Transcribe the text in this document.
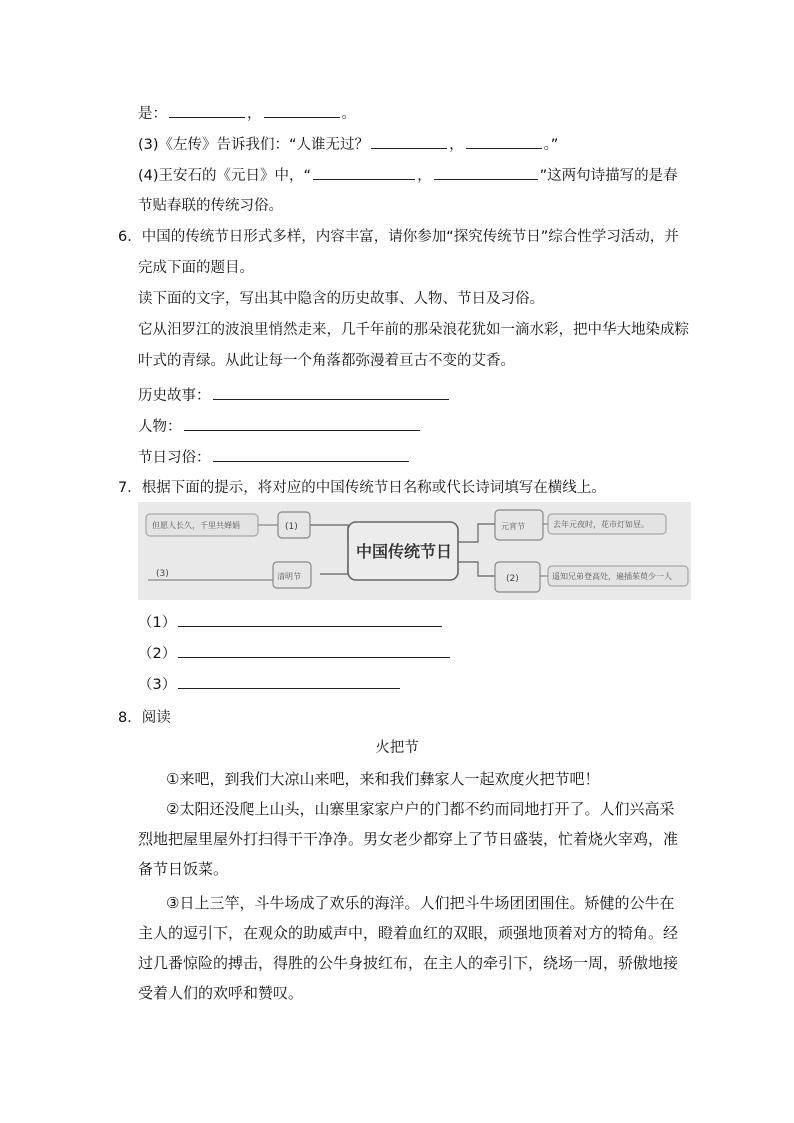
是：	，	。
(3)《左传》告诉我们：“人谁无过？	，	。”
(4)王安石的《元日》中，“	，	”这两句诗描写的是春
节贴春联的传统习俗。
6．中国的传统节日形式多样，内容丰富，请你参加“探究传统节日”综合性学习活动，并
完成下面的题目。
读下面的文字，写出其中隐含的历史故事、人物、节日及习俗。
它从汨罗江的波浪里悄然走来，几千年前的那朵浪花犹如一滴水彩，把中华大地染成粽
叶式的青绿。从此让每一个角落都弥漫着亘古不变的艾香。
历史故事：
人物：
节日习俗：
7．根据下面的提示，将对应的中国传统节日名称或代长诗词填写在横线上。
但愿人长久，千里共婵娟	(1)
(3)	清明节
中国传统节日
元宵节	去年元夜时，花市灯如昼。
(2)	遥知兄弟登高处，遍插茱萸少一人
（1）
（2）
（3）
8．阅读
火把节
①来吧，到我们大凉山来吧，来和我们彝家人一起欢度火把节吧！
②太阳还没爬上山头，山寨里家家户户的门都不约而同地打开了。人们兴高采烈地把屋里屋外打扫得干干净净。男女老少都穿上了节日盛装，忙着烧火宰鸡，准备节日饭菜。
③日上三竿，斗牛场成了欢乐的海洋。人们把斗牛场团团围住。矫健的公牛在主人的逗引下，在观众的助威声中，瞪着血红的双眼，顽强地顶着对方的犄角。经过几番惊险的搏击，得胜的公牛身披红布，在主人的牵引下，绕场一周，骄傲地接受着人们的欢呼和赞叹。
